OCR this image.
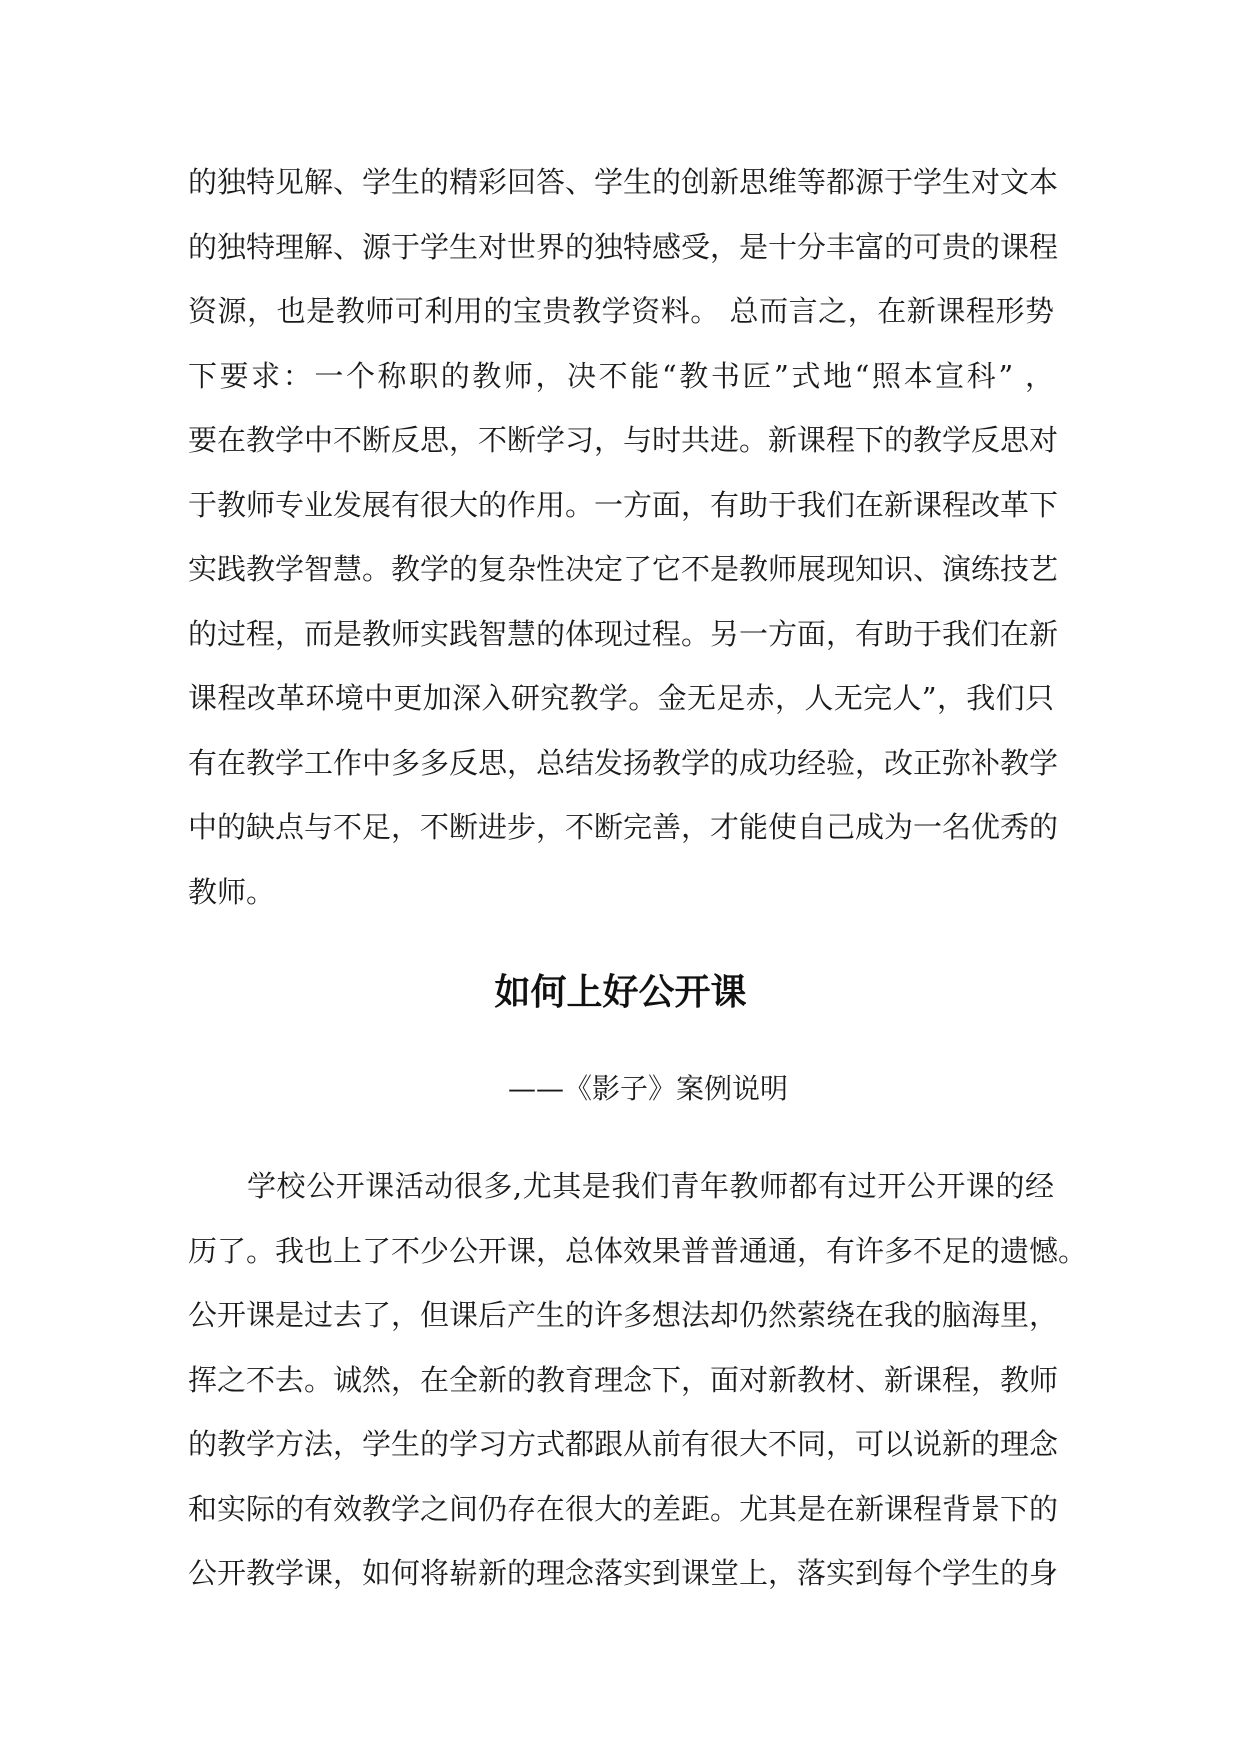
的独特见解、学生的精彩回答、学生的创新思维等都源于学生对文本

的独特理解、源于学生对世界的独特感受，是十分丰富的可贵的课程

资源，也是教师可利用的宝贵教学资料。 总而言之，在新课程形势

下要求：一个称职的教师，决不能“教书匠”式地“照本宣科” ，

要在教学中不断反思，不断学习，与时共进。新课程下的教学反思对

于教师专业发展有很大的作用。一方面，有助于我们在新课程改革下

实践教学智慧。教学的复杂性决定了它不是教师展现知识、演练技艺

的过程，而是教师实践智慧的体现过程。另一方面，有助于我们在新

课程改革环境中更加深入研究教学。金无足赤，人无完人”，我们只

有在教学工作中多多反思，总结发扬教学的成功经验，改正弥补教学

中的缺点与不足，不断进步，不断完善，才能使自己成为一名优秀的

教师。

如何上好公开课

——《影子》案例说明

学校公开课活动很多,尤其是我们青年教师都有过开公开课的经

历了。我也上了不少公开课，总体效果普普通通，有许多不足的遗憾。

公开课是过去了，但课后产生的许多想法却仍然萦绕在我的脑海里，

挥之不去。诚然，在全新的教育理念下，面对新教材、新课程，教师

的教学方法，学生的学习方式都跟从前有很大不同，可以说新的理念

和实际的有效教学之间仍存在很大的差距。尤其是在新课程背景下的

公开教学课，如何将崭新的理念落实到课堂上，落实到每个学生的身
